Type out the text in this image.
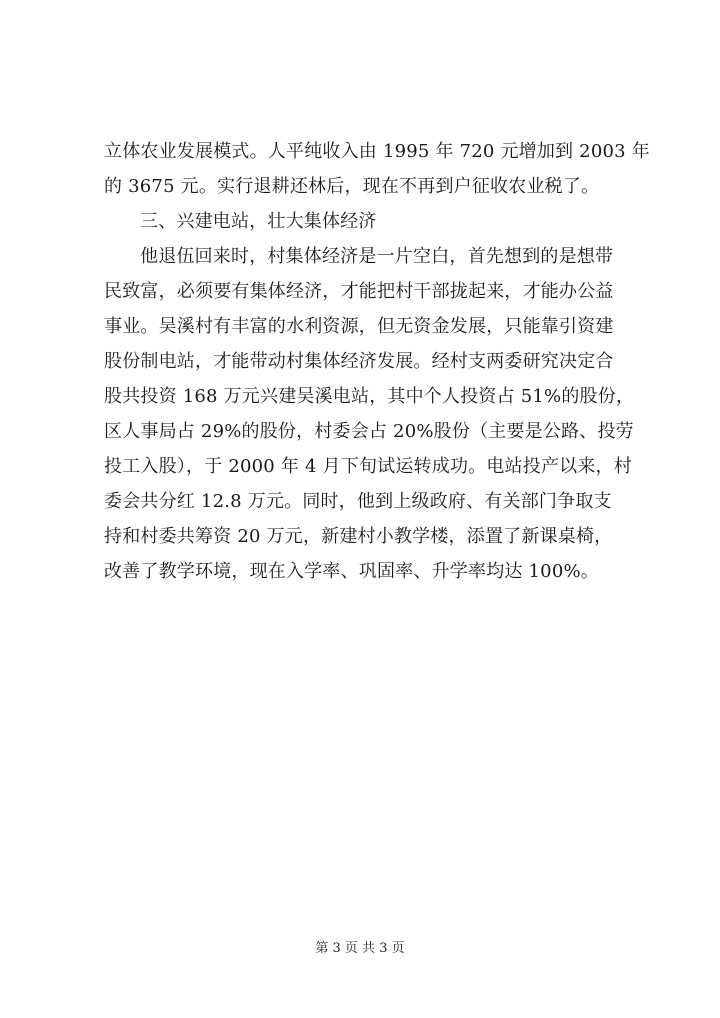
立体农业发展模式。人平纯收入由 1995 年 720 元增加到 2003 年
的 3675 元。实行退耕还林后，现在不再到户征收农业税了。
三、兴建电站，壮大集体经济
他退伍回来时，村集体经济是一片空白，首先想到的是想带
民致富，必须要有集体经济，才能把村干部拢起来，才能办公益
事业。吴溪村有丰富的水利资源，但无资金发展，只能靠引资建
股份制电站，才能带动村集体经济发展。经村支两委研究决定合
股共投资 168 万元兴建吴溪电站，其中个人投资占 51%的股份，
区人事局占 29%的股份，村委会占 20%股份（主要是公路、投劳
投工入股），于 2000 年 4 月下旬试运转成功。电站投产以来，村
委会共分红 12.8 万元。同时，他到上级政府、有关部门争取支
持和村委共筹资 20 万元，新建村小教学楼，添置了新课桌椅，
改善了教学环境，现在入学率、巩固率、升学率均达 100%。
第 3 页 共 3 页
